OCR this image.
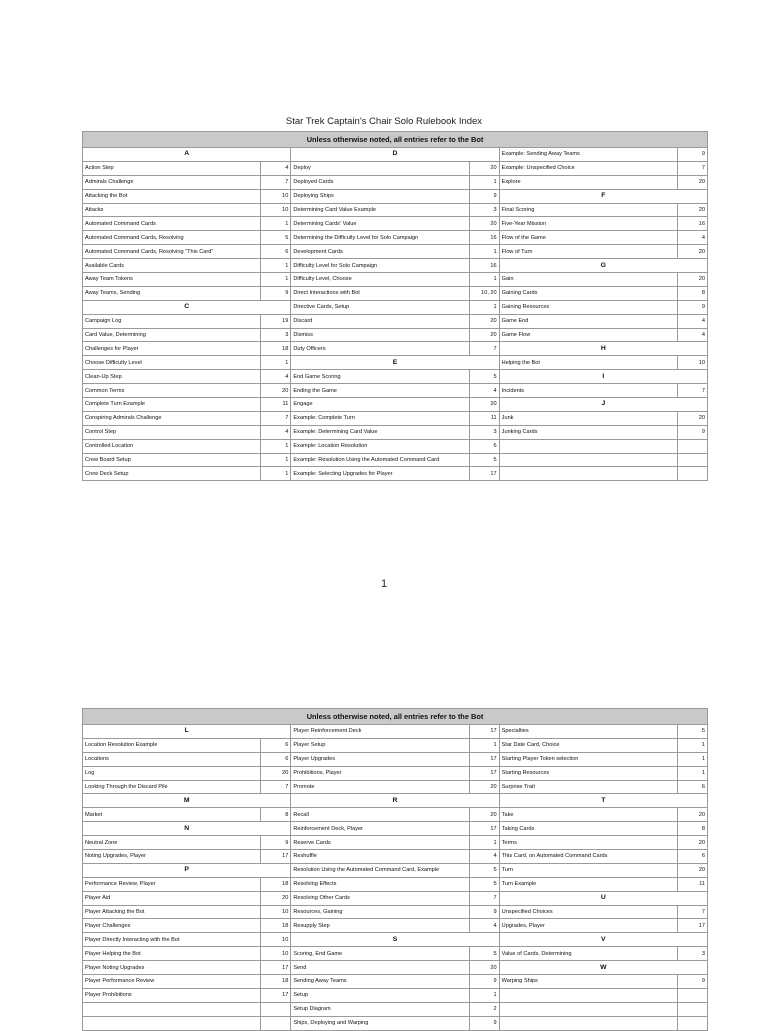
Star Trek Captain's Chair Solo Rulebook Index
Unless otherwise noted, all entries refer to the Bot					
A		D		Example: Sending Away Teams	9
Action Step	4	Deploy	20	Example: Unspecified Choice	7
Admirals Challenge	7	Deployed Cards	1	Explore	20
Attacking the Bot	10	Deploying Ships	9	F	
Attacks	10	Determining Card Value Example	3	Final Scoring	20
Automated Command Cards	1	Determining Cards' Value	20	Five-Year Mission	16
Automated Command Cards, Resolving	5	Determining the Difficulty Level for Solo Campaign	16	Flow of the Game	4
Automated Command Cards, Resolving "This Card"	6	Development Cards	1	Flow of Turn	20
Available Cards	1	Difficulty Level for Solo Campaign	16	G	
Away Team Tokens	1	Difficulty Level, Choose	1	Gain	20
Away Teams, Sending	9	Direct Interactions with Bot	10, 20	Gaining Cards	8
C		Directive Cards, Setup	1	Gaining Resources	9
Campaign Log	19	Discard	20	Game End	4
Card Value, Determining	3	Dismiss	20	Game Flow	4
Challenges for Player	18	Duty Officers	7	H	
Choose Difficulty Level	1	E		Helping the Bot	10
Clean-Up Step	4	End Game Scoring	5	I	
Common Terms	20	Ending the Game	4	Incidents	7
Complete Turn Example	11	Engage	20	J	
Conspiring Admirals Challenge	7	Example: Complete Turn	11	Junk	20
Control Step	4	Example: Determining Card Value	3	Junking Cards	9
Controlled Location	1	Example: Location Resolution	6		
Crew Board Setup	1	Example: Resolution Using the Automated Command Card	5		
Crew Deck Setup	1	Example: Selecting Upgrades for Player	17		
1
Unless otherwise noted, all entries refer to the Bot					
L		Player Reinforcement Deck	17	Specialties	5
Location Resolution Example	6	Player Setup	1	Star Date Card, Choice	1
Locations	6	Player Upgrades	17	Starting Player Token selection	1
Log	20	Prohibitions, Player	17	Starting Resources	1
Looking Through the Discard Pile	7	Promote	20	Surprise Trait	6
M		R		T	
Market	8	Recall	20	Take	20
N		Reinforcement Deck, Player	17	Taking Cards	8
Neutral Zone	9	Reserve Cards	1	Terms	20
Noting Upgrades, Player	17	Reshuffle	4	This Card, on Automated Command Cards	6
P		Resolution Using the Automated Command Card, Example	5	Turn	20
Performance Review, Player	18	Resolving Effects	5	Turn Example	11
Player Aid	20	Resolving Other Cards	7	U	
Player Attacking the Bot	10	Resources, Gaining	9	Unspecified Choices	7
Player Challenges	18	Resupply Step	4	Upgrades, Player	17
Player Directly Interacting with the Bot	10	S		V	
Player Helping the Bot	10	Scoring, End Game	5	Value of Cards, Determining	3
Player Noting Upgrades	17	Send	20	W	
Player Performance Review	18	Sending Away Teams	9	Warping Ships	9
Player Prohibitions	17	Setup	1		
		Setup Diagram	2		
		Ships, Deploying and Warping	9		
